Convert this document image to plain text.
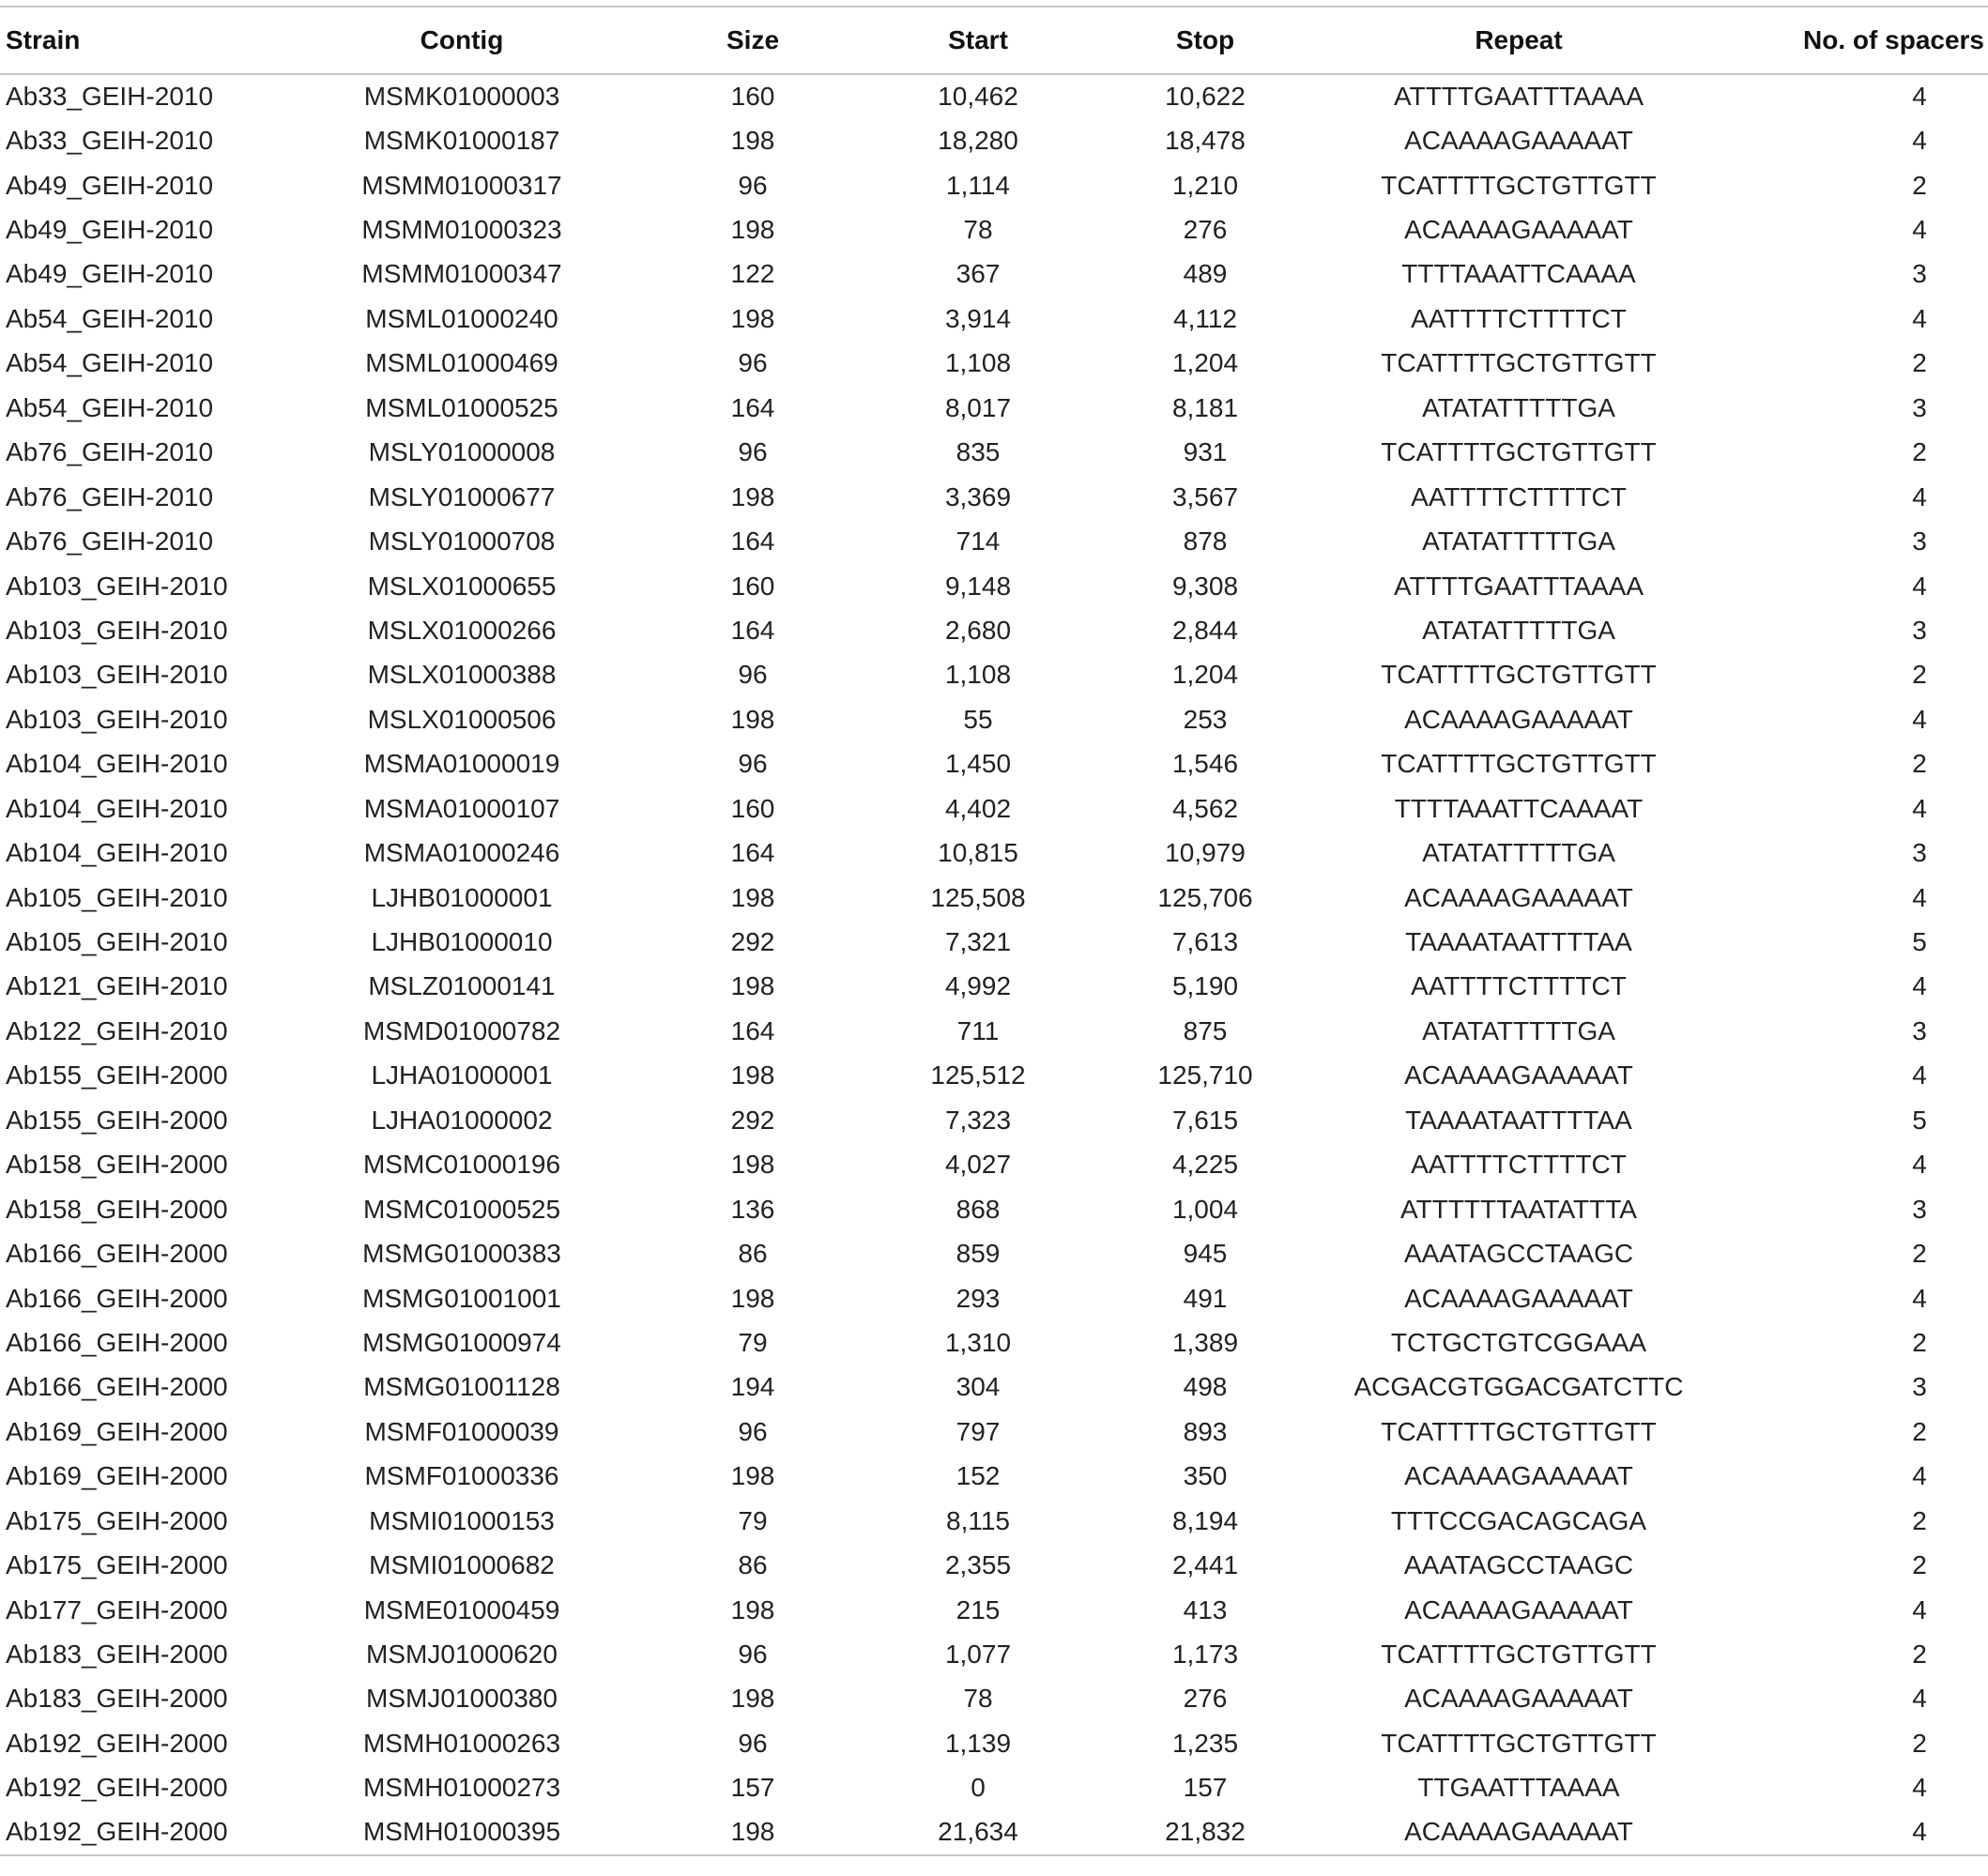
Strain	Contig	Size	Start	Stop	Repeat	No. of spacers
Ab33_GEIH-2010	MSMK01000003	160	10,462	10,622	ATTTTGAATTTAAAA	4
Ab33_GEIH-2010	MSMK01000187	198	18,280	18,478	ACAAAAGAAAAAT	4
Ab49_GEIH-2010	MSMM01000317	96	1,114	1,210	TCATTTTGCTGTTGTT	2
Ab49_GEIH-2010	MSMM01000323	198	78	276	ACAAAAGAAAAAT	4
Ab49_GEIH-2010	MSMM01000347	122	367	489	TTTTAAATTCAAAA	3
Ab54_GEIH-2010	MSML01000240	198	3,914	4,112	AATTTTCTTTTCT	4
Ab54_GEIH-2010	MSML01000469	96	1,108	1,204	TCATTTTGCTGTTGTT	2
Ab54_GEIH-2010	MSML01000525	164	8,017	8,181	ATATATTTTTGA	3
Ab76_GEIH-2010	MSLY01000008	96	835	931	TCATTTTGCTGTTGTT	2
Ab76_GEIH-2010	MSLY01000677	198	3,369	3,567	AATTTTCTTTTCT	4
Ab76_GEIH-2010	MSLY01000708	164	714	878	ATATATTTTTGA	3
Ab103_GEIH-2010	MSLX01000655	160	9,148	9,308	ATTTTGAATTTAAAA	4
Ab103_GEIH-2010	MSLX01000266	164	2,680	2,844	ATATATTTTTGA	3
Ab103_GEIH-2010	MSLX01000388	96	1,108	1,204	TCATTTTGCTGTTGTT	2
Ab103_GEIH-2010	MSLX01000506	198	55	253	ACAAAAGAAAAAT	4
Ab104_GEIH-2010	MSMA01000019	96	1,450	1,546	TCATTTTGCTGTTGTT	2
Ab104_GEIH-2010	MSMA01000107	160	4,402	4,562	TTTTAAATTCAAAAT	4
Ab104_GEIH-2010	MSMA01000246	164	10,815	10,979	ATATATTTTTGA	3
Ab105_GEIH-2010	LJHB01000001	198	125,508	125,706	ACAAAAGAAAAAT	4
Ab105_GEIH-2010	LJHB01000010	292	7,321	7,613	TAAAATAATTTTAA	5
Ab121_GEIH-2010	MSLZ01000141	198	4,992	5,190	AATTTTCTTTTCT	4
Ab122_GEIH-2010	MSMD01000782	164	711	875	ATATATTTTTGA	3
Ab155_GEIH-2000	LJHA01000001	198	125,512	125,710	ACAAAAGAAAAAT	4
Ab155_GEIH-2000	LJHA01000002	292	7,323	7,615	TAAAATAATTTTAA	5
Ab158_GEIH-2000	MSMC01000196	198	4,027	4,225	AATTTTCTTTTCT	4
Ab158_GEIH-2000	MSMC01000525	136	868	1,004	ATTTTTTAATATTTA	3
Ab166_GEIH-2000	MSMG01000383	86	859	945	AAATAGCCTAAGC	2
Ab166_GEIH-2000	MSMG01001001	198	293	491	ACAAAAGAAAAAT	4
Ab166_GEIH-2000	MSMG01000974	79	1,310	1,389	TCTGCTGTCGGAAA	2
Ab166_GEIH-2000	MSMG01001128	194	304	498	ACGACGTGGACGATCTTC	3
Ab169_GEIH-2000	MSMF01000039	96	797	893	TCATTTTGCTGTTGTT	2
Ab169_GEIH-2000	MSMF01000336	198	152	350	ACAAAAGAAAAAT	4
Ab175_GEIH-2000	MSMI01000153	79	8,115	8,194	TTTCCGACAGCAGA	2
Ab175_GEIH-2000	MSMI01000682	86	2,355	2,441	AAATAGCCTAAGC	2
Ab177_GEIH-2000	MSME01000459	198	215	413	ACAAAAGAAAAAT	4
Ab183_GEIH-2000	MSMJ01000620	96	1,077	1,173	TCATTTTGCTGTTGTT	2
Ab183_GEIH-2000	MSMJ01000380	198	78	276	ACAAAAGAAAAAT	4
Ab192_GEIH-2000	MSMH01000263	96	1,139	1,235	TCATTTTGCTGTTGTT	2
Ab192_GEIH-2000	MSMH01000273	157	0	157	TTGAATTTAAAA	4
Ab192_GEIH-2000	MSMH01000395	198	21,634	21,832	ACAAAAGAAAAAT	4
